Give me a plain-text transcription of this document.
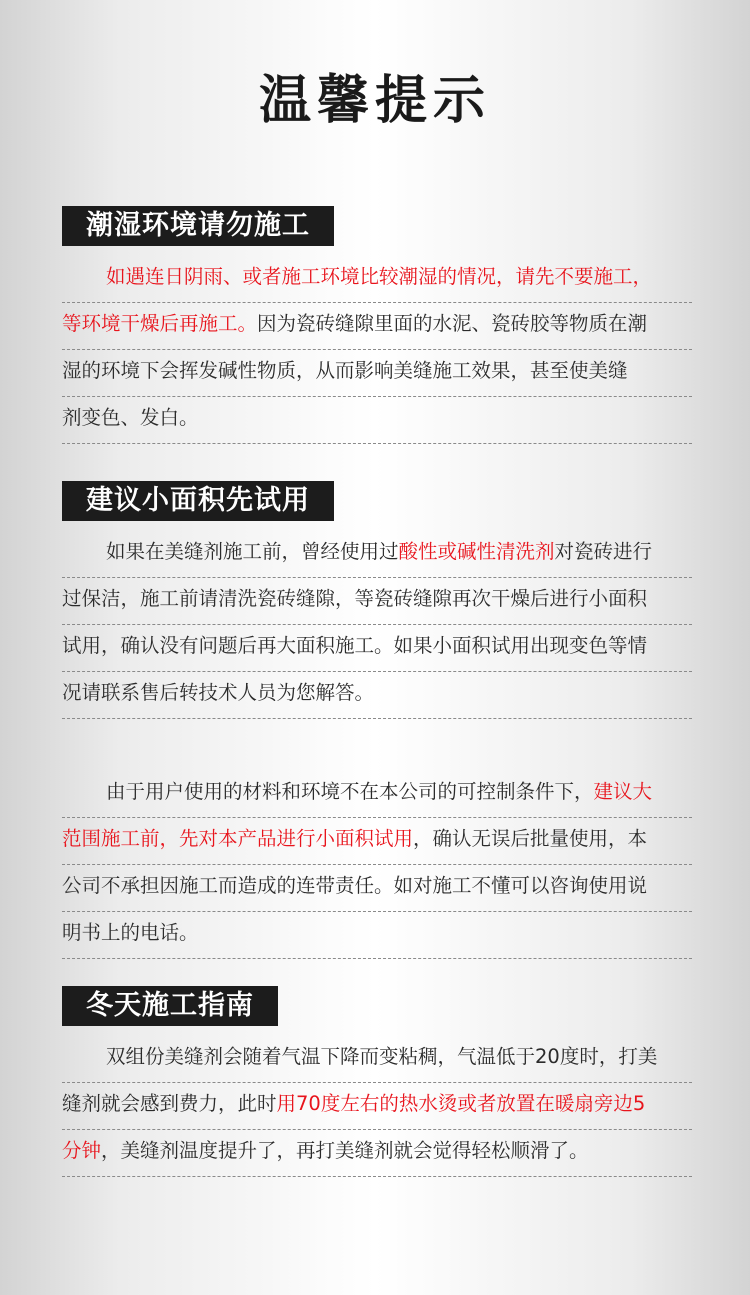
温馨提示
潮湿环境请勿施工
如遇连日阴雨、或者施工环境比较潮湿的情况，请先不要施工，
等环境干燥后再施工。因为瓷砖缝隙里面的水泥、瓷砖胶等物质在潮
湿的环境下会挥发碱性物质，从而影响美缝施工效果，甚至使美缝
剂变色、发白。
建议小面积先试用
如果在美缝剂施工前，曾经使用过酸性或碱性清洗剂对瓷砖进行
过保洁，施工前请清洗瓷砖缝隙，等瓷砖缝隙再次干燥后进行小面积
试用，确认没有问题后再大面积施工。如果小面积试用出现变色等情
况请联系售后转技术人员为您解答。
由于用户使用的材料和环境不在本公司的可控制条件下，建议大
范围施工前，先对本产品进行小面积试用，确认无误后批量使用，本
公司不承担因施工而造成的连带责任。如对施工不懂可以咨询使用说
明书上的电话。
冬天施工指南
双组份美缝剂会随着气温下降而变粘稠，气温低于20度时，打美
缝剂就会感到费力，此时用70度左右的热水烫或者放置在暖扇旁边5
分钟，美缝剂温度提升了，再打美缝剂就会觉得轻松顺滑了。
